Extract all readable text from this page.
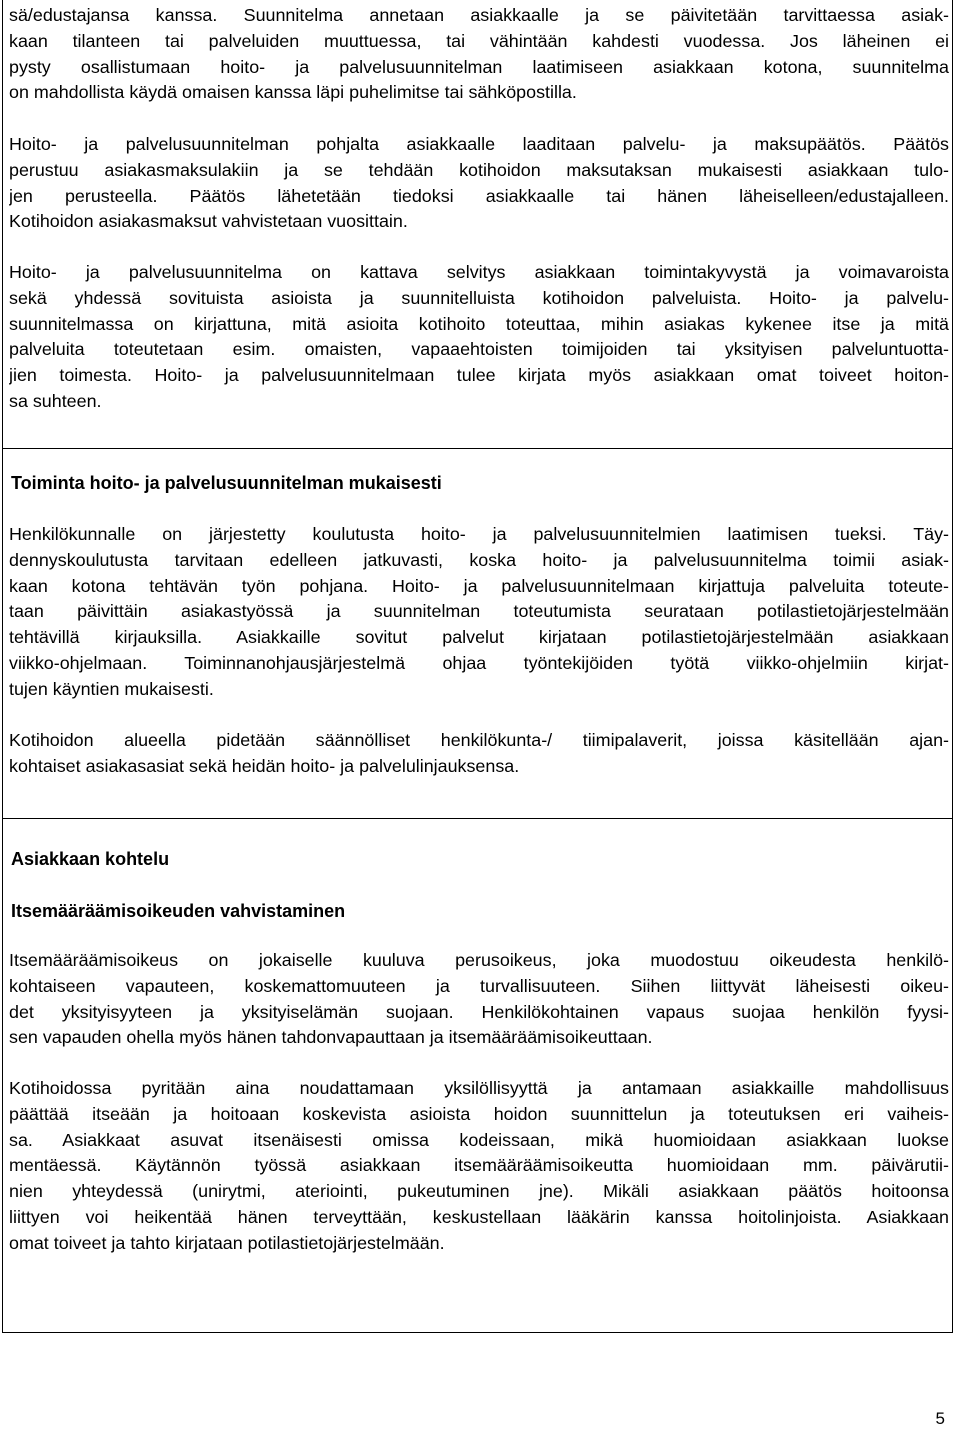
sä/edustajansa kanssa. Suunnitelma annetaan asiakkaalle ja se päivitetään tarvittaessa asiak-
kaan tilanteen tai palveluiden muuttuessa, tai vähintään kahdesti vuodessa. Jos läheinen ei
pysty osallistumaan hoito- ja palvelusuunnitelman laatimiseen asiakkaan kotona, suunnitelma
on mahdollista käydä omaisen kanssa läpi puhelimitse tai sähköpostilla.
Hoito- ja palvelusuunnitelman pohjalta asiakkaalle laaditaan palvelu- ja maksupäätös. Päätös
perustuu asiakasmaksulakiin ja se tehdään kotihoidon maksutaksan mukaisesti asiakkaan tulo-
jen perusteella. Päätös lähetetään tiedoksi asiakkaalle tai hänen läheiselleen/edustajalleen.
Kotihoidon asiakasmaksut vahvistetaan vuosittain.
Hoito- ja palvelusuunnitelma on kattava selvitys asiakkaan toimintakyvystä ja voimavaroista
sekä yhdessä sovituista asioista ja suunnitelluista kotihoidon palveluista. Hoito- ja palvelu-
suunnitelmassa on kirjattuna, mitä asioita kotihoito toteuttaa, mihin asiakas kykenee itse ja mitä
palveluita toteutetaan esim. omaisten, vapaaehtoisten toimijoiden tai yksityisen palveluntuotta-
jien toimesta. Hoito- ja palvelusuunnitelmaan tulee kirjata myös asiakkaan omat toiveet hoiton-
sa suhteen.
Toiminta hoito- ja palvelusuunnitelman mukaisesti
Henkilökunnalle on järjestetty koulutusta hoito- ja palvelusuunnitelmien laatimisen tueksi. Täy-
dennyskoulutusta tarvitaan edelleen jatkuvasti, koska hoito- ja palvelusuunnitelma toimii asiak-
kaan kotona tehtävän työn pohjana. Hoito- ja palvelusuunnitelmaan kirjattuja palveluita toteute-
taan päivittäin asiakastyössä ja suunnitelman toteutumista seurataan potilastietojärjestelmään
tehtävillä kirjauksilla. Asiakkaille sovitut palvelut kirjataan potilastietojärjestelmään asiakkaan
viikko-ohjelmaan. Toiminnanohjausjärjestelmä ohjaa työntekijöiden työtä viikko-ohjelmiin kirjat-
tujen käyntien mukaisesti.
Kotihoidon alueella pidetään säännölliset henkilökunta-/ tiimipalaverit, joissa käsitellään ajan-
kohtaiset asiakasasiat sekä heidän hoito- ja palvelulinjauksensa.
Asiakkaan kohtelu
Itsemääräämisoikeuden vahvistaminen
Itsemääräämisoikeus on jokaiselle kuuluva perusoikeus, joka muodostuu oikeudesta henkilö-
kohtaiseen vapauteen, koskemattomuuteen ja turvallisuuteen. Siihen liittyvät läheisesti oikeu-
det yksityisyyteen ja yksityiselämän suojaan. Henkilökohtainen vapaus suojaa henkilön fyysi-
sen vapauden ohella myös hänen tahdonvapauttaan ja itsemääräämisoikeuttaan.
Kotihoidossa pyritään aina noudattamaan yksilöllisyyttä ja antamaan asiakkaille mahdollisuus
päättää itseään ja hoitoaan koskevista asioista hoidon suunnittelun ja toteutuksen eri vaiheis-
sa. Asiakkaat asuvat itsenäisesti omissa kodeissaan, mikä huomioidaan asiakkaan luokse
mentäessä. Käytännön työssä asiakkaan itsemääräämisoikeutta huomioidaan mm. päivärutii-
nien yhteydessä (unirytmi, ateriointi, pukeutuminen jne). Mikäli asiakkaan päätös hoitoonsa
liittyen voi heikentää hänen terveyttään, keskustellaan lääkärin kanssa hoitolinjoista. Asiakkaan
omat toiveet ja tahto kirjataan potilastietojärjestelmään.
5
